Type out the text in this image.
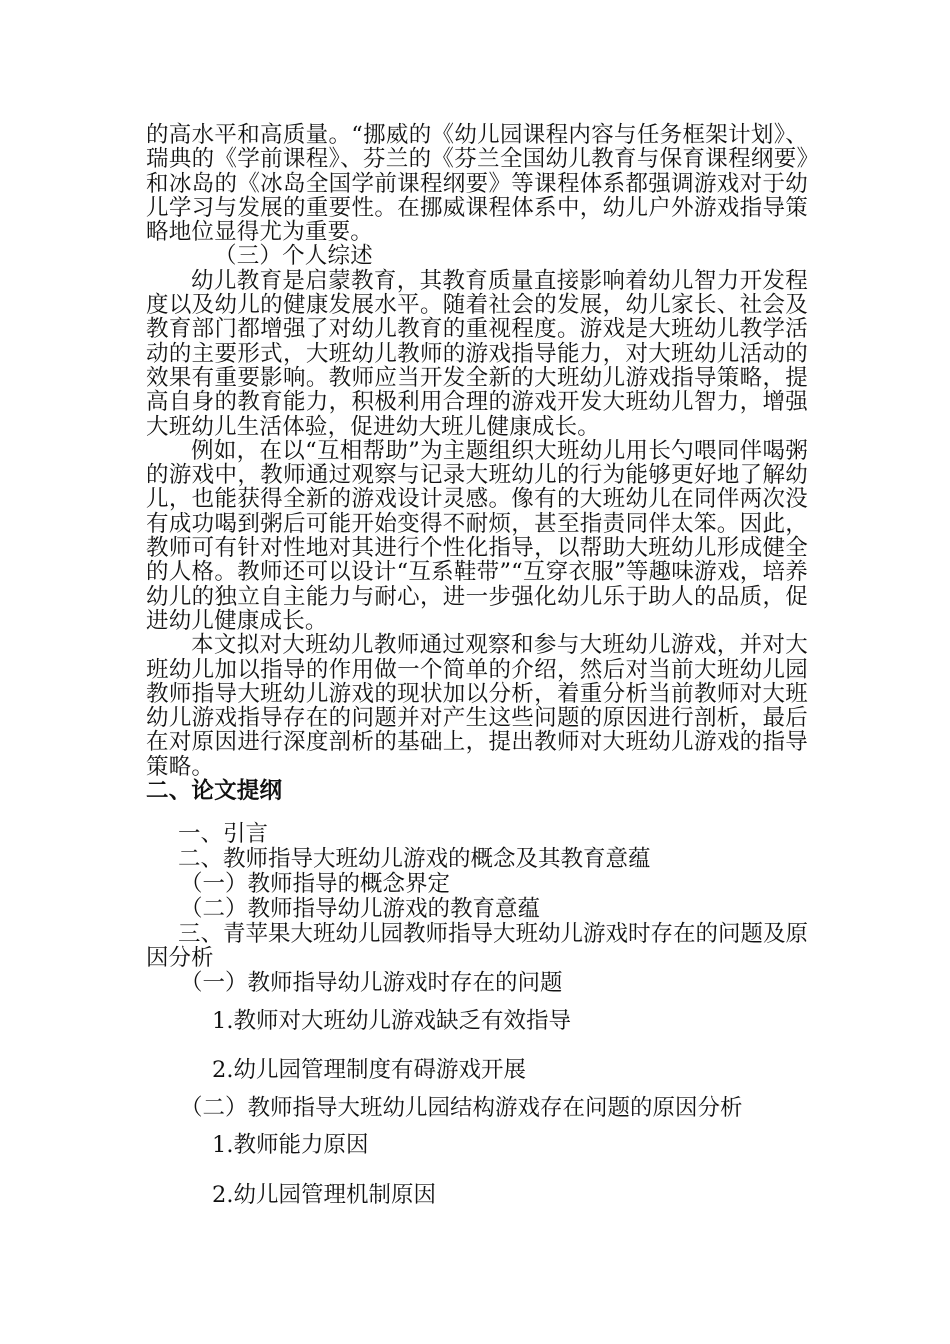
的高水平和高质量。“挪威的《幼儿园课程内容与任务框架计划》、瑞典的《学前课程》、芬兰的《芬兰全国幼儿教育与保育课程纲要》和冰岛的《冰岛全国学前课程纲要》等课程体系都强调游戏对于幼儿学习与发展的重要性。在挪威课程体系中，幼儿户外游戏指导策略地位显得尤为重要。

（三）个人综述

幼儿教育是启蒙教育，其教育质量直接影响着幼儿智力开发程度以及幼儿的健康发展水平。随着社会的发展，幼儿家长、社会及教育部门都增强了对幼儿教育的重视程度。游戏是大班幼儿教学活动的主要形式，大班幼儿教师的游戏指导能力，对大班幼儿活动的效果有重要影响。教师应当开发全新的大班幼儿游戏指导策略，提高自身的教育能力，积极利用合理的游戏开发大班幼儿智力，增强大班幼儿生活体验，促进幼大班儿健康成长。

例如，在以“互相帮助”为主题组织大班幼儿用长勺喂同伴喝粥的游戏中，教师通过观察与记录大班幼儿的行为能够更好地了解幼儿，也能获得全新的游戏设计灵感。像有的大班幼儿在同伴两次没有成功喝到粥后可能开始变得不耐烦，甚至指责同伴太笨。因此，教师可有针对性地对其进行个性化指导，以帮助大班幼儿形成健全的人格。教师还可以设计“互系鞋带”“互穿衣服”等趣味游戏，培养幼儿的独立自主能力与耐心，进一步强化幼儿乐于助人的品质，促进幼儿健康成长。

本文拟对大班幼儿教师通过观察和参与大班幼儿游戏，并对大班幼儿加以指导的作用做一个简单的介绍，然后对当前大班幼儿园教师指导大班幼儿游戏的现状加以分析，着重分析当前教师对大班幼儿游戏指导存在的问题并对产生这些问题的原因进行剖析，最后在对原因进行深度剖析的基础上，提出教师对大班幼儿游戏的指导策略。

二、论文提纲

一、引言
二、教师指导大班幼儿游戏的概念及其教育意蕴
（一）教师指导的概念界定
（二）教师指导幼儿游戏的教育意蕴
三、青苹果大班幼儿园教师指导大班幼儿游戏时存在的问题及原因分析
（一）教师指导幼儿游戏时存在的问题
1.教师对大班幼儿游戏缺乏有效指导
2.幼儿园管理制度有碍游戏开展
（二）教师指导大班幼儿园结构游戏存在问题的原因分析
1.教师能力原因
2.幼儿园管理机制原因
